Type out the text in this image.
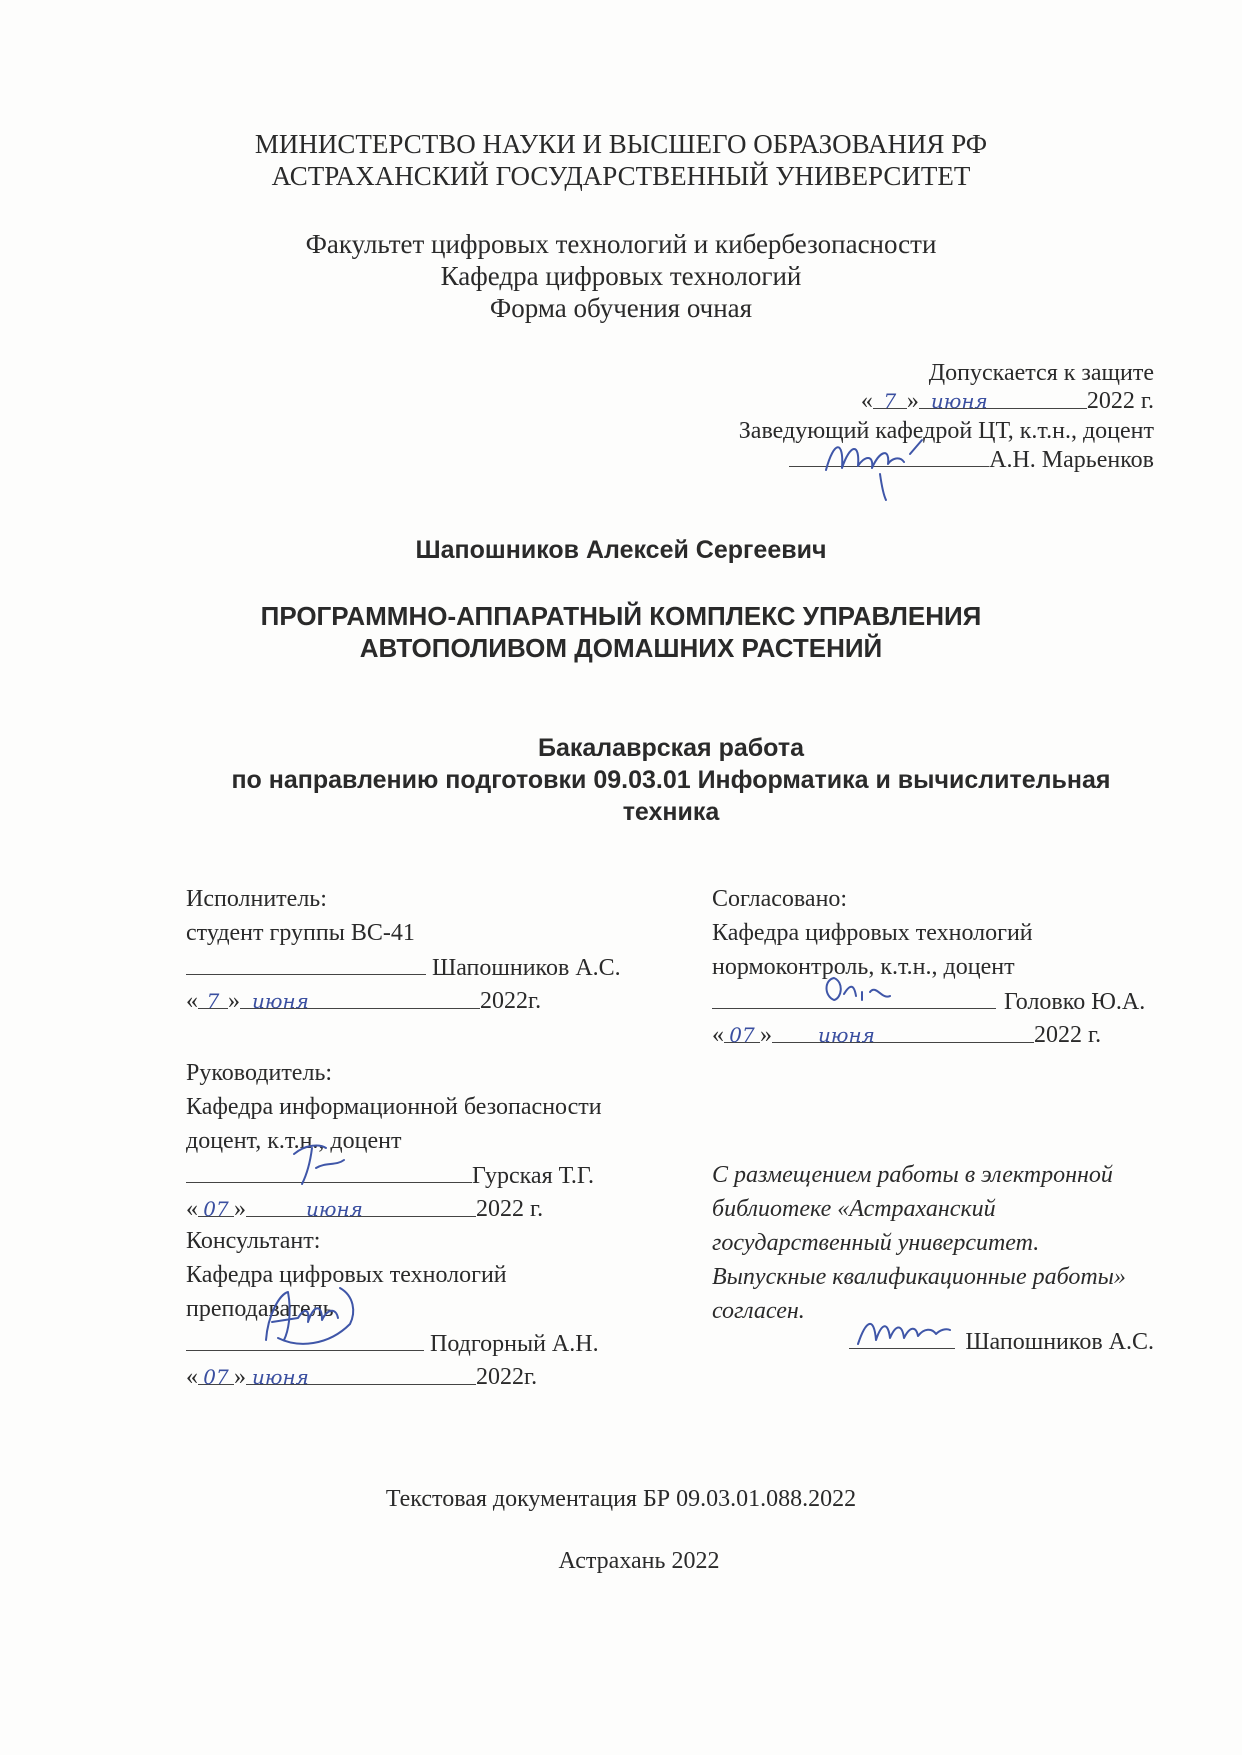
МИНИСТЕРСТВО НАУКИ И ВЫСШЕГО ОБРАЗОВАНИЯ РФ
АСТРАХАНСКИЙ ГОСУДАРСТВЕННЫЙ УНИВЕРСИТЕТ
Факультет цифровых технологий и кибербезопасности
Кафедра цифровых технологий
Форма обучения очная
Допускается к защите
« 7 » июня	2022 г.
Заведующий кафедрой ЦТ, к.т.н., доцент
А.Н. Марьенков
Шапошников Алексей Сергеевич
ПРОГРАММНО-АППАРАТНЫЙ КОМПЛЕКС УПРАВЛЕНИЯ
АВТОПОЛИВОМ ДОМАШНИХ РАСТЕНИЙ
Бакалаврская работа
по направлению подготовки 09.03.01 Информатика и вычислительная
техника
Исполнитель:
студент группы ВС-41
Шапошников А.С.
« 7 » июня	2022г.
Руководитель:
Кафедра информационной безопасности
доцент, к.т.н., доцент
Гурская Т.Г.
« 07 »	июня	2022 г.
Консультант:
Кафедра цифровых технологий
преподаватель
Подгорный А.Н.
« 07 » июня	2022г.
Согласовано:
Кафедра цифровых технологий
нормоконтроль, к.т.н., доцент
Головко Ю.А.
« 07 » июня	2022 г.
С размещением работы в электронной
библиотеке «Астраханский
государственный университет.
Выпускные квалификационные работы»
согласен.
Шапошников А.С.
Текстовая документация БР 09.03.01.088.2022
Астрахань 2022
